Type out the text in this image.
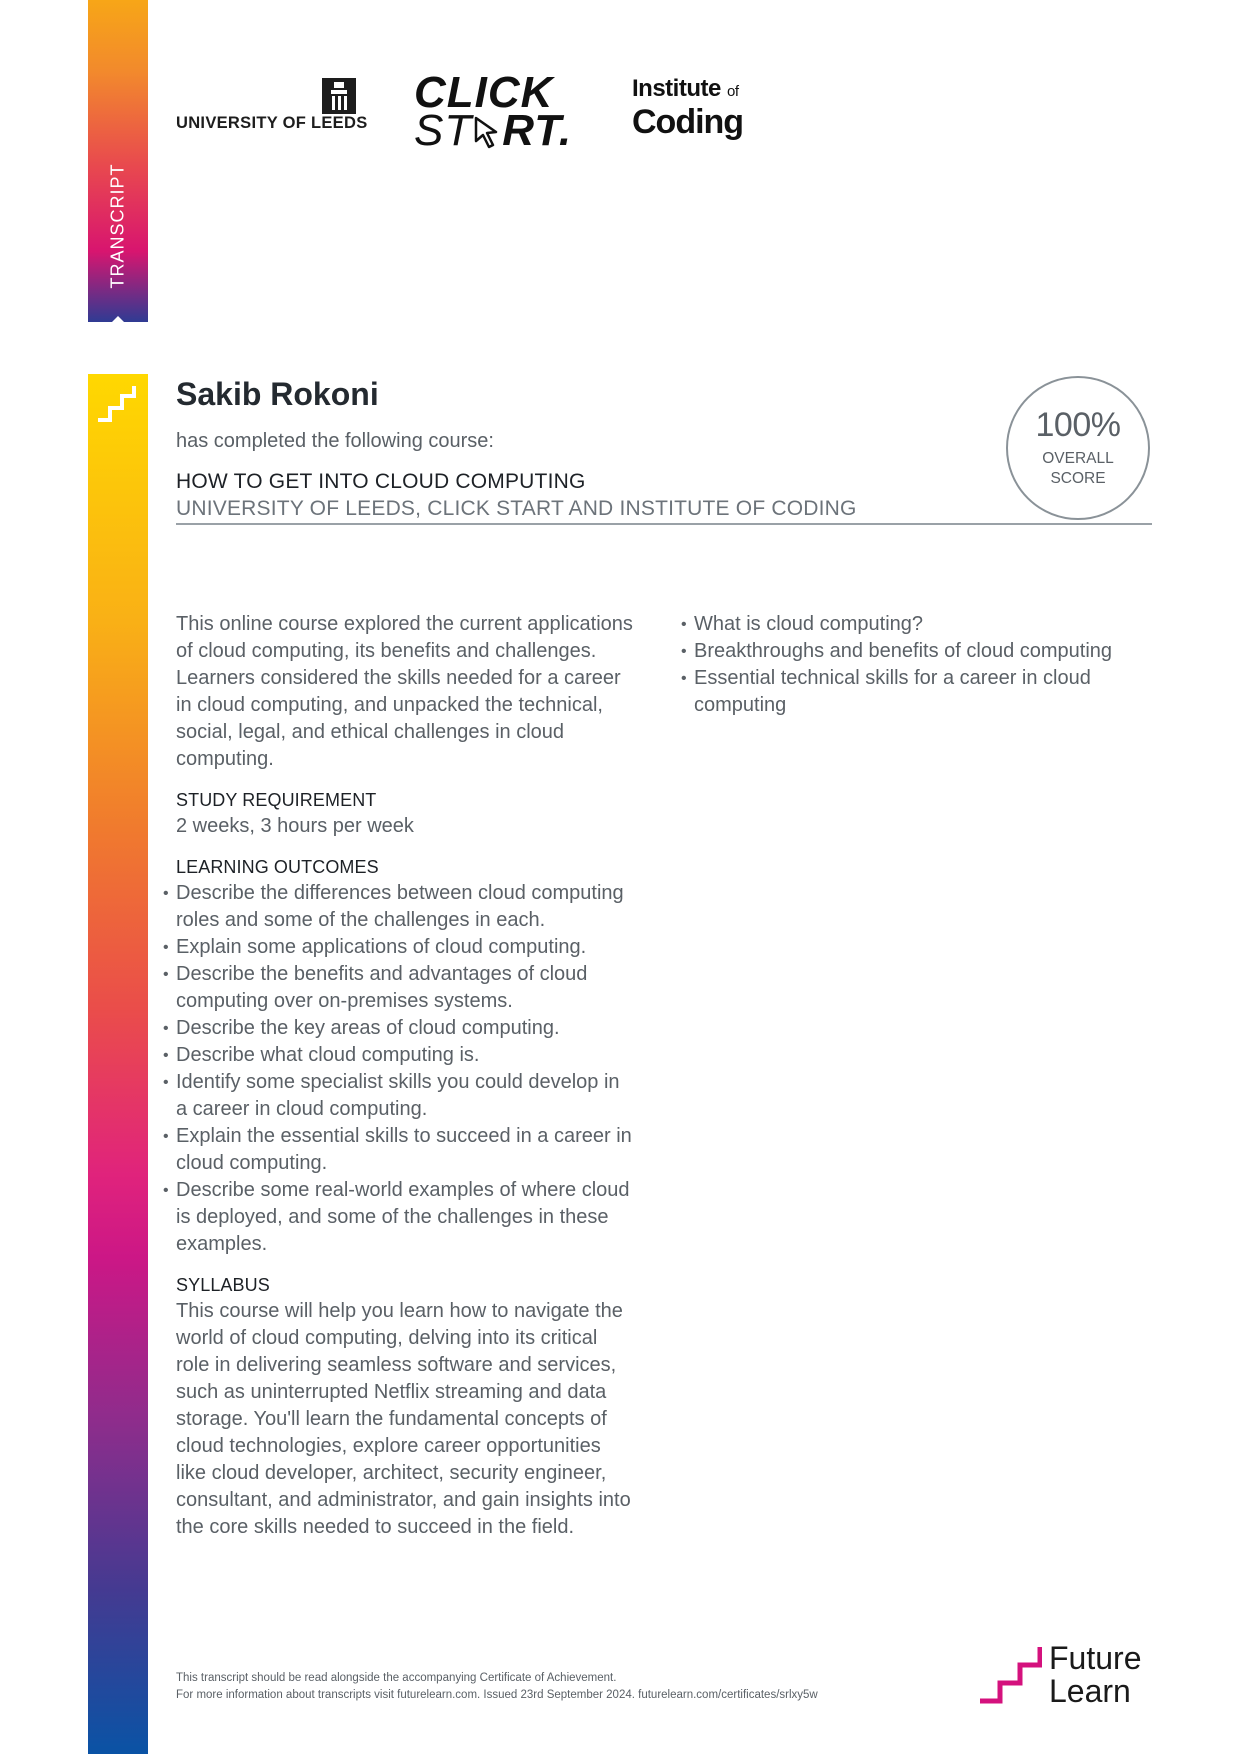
TRANSCRIPT
UNIVERSITY OF LEEDS
CLICK
ST RT.
Institute of
Coding
Sakib Rokoni
has completed the following course:
HOW TO GET INTO CLOUD COMPUTING
UNIVERSITY OF LEEDS, CLICK START AND INSTITUTE OF CODING
100%
OVERALL
SCORE

This online course explored the current applications of cloud computing, its benefits and challenges. Learners considered the skills needed for a career in cloud computing, and unpacked the technical, social, legal, and ethical challenges in cloud computing.

STUDY REQUIREMENT

2 weeks, 3 hours per week

LEARNING OUTCOMES
• Describe the differences between cloud computing roles and some of the challenges in each.
• Explain some applications of cloud computing.
• Describe the benefits and advantages of cloud computing over on-premises systems.
• Describe the key areas of cloud computing.
• Describe what cloud computing is.
• Identify some specialist skills you could develop in a career in cloud computing.
• Explain the essential skills to succeed in a career in cloud computing.
• Describe some real-world examples of where cloud is deployed, and some of the challenges in these examples.
SYLLABUS

This course will help you learn how to navigate the world of cloud computing, delving into its critical role in delivering seamless software and services, such as uninterrupted Netflix streaming and data storage. You'll learn the fundamental concepts of cloud technologies, explore career opportunities like cloud developer, architect, security engineer, consultant, and administrator, and gain insights into the core skills needed to succeed in the field.

• What is cloud computing?
• Breakthroughs and benefits of cloud computing
• Essential technical skills for a career in cloud computing
This transcript should be read alongside the accompanying Certificate of Achievement.
For more information about transcripts visit futurelearn.com. Issued 23rd September 2024. futurelearn.com/certificates/srlxy5w
Future
Learn
